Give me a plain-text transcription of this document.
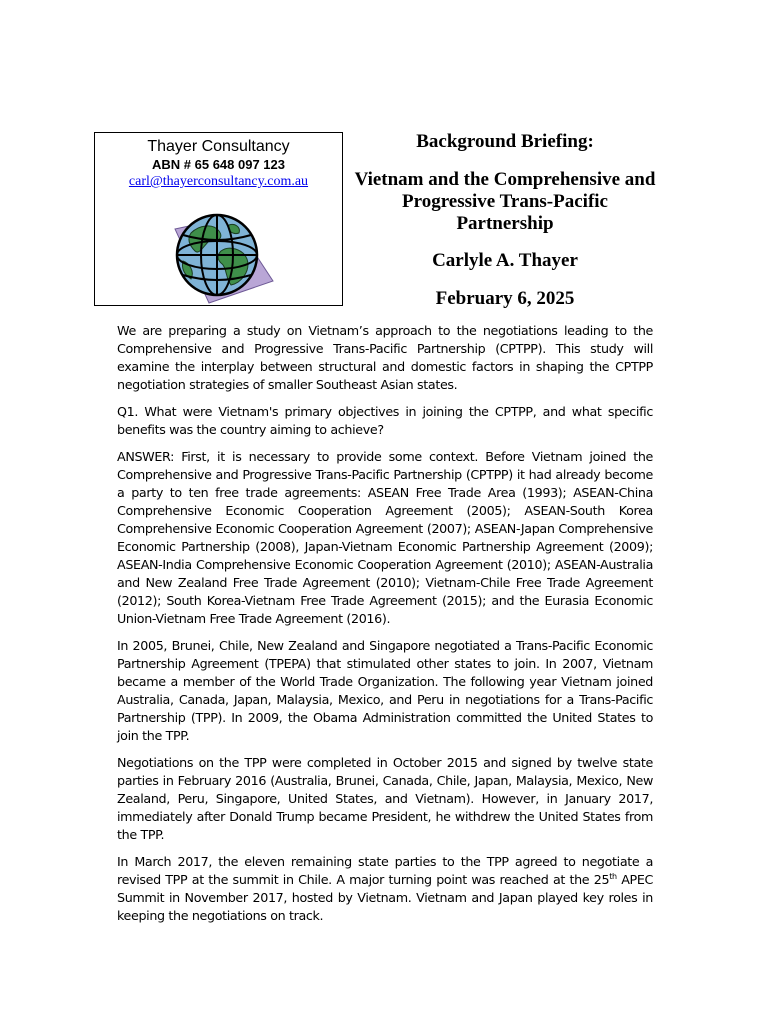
Thayer Consultancy
ABN # 65 648 097 123
carl@thayerconsultancy.com.au
Background Briefing:
Vietnam and the Comprehensive and Progressive Trans-Pacific Partnership
Carlyle A. Thayer
February 6, 2025

We are preparing a study on Vietnam’s approach to the negotiations leading to the Comprehensive and Progressive Trans-Pacific Partnership (CPTPP). This study will examine the interplay between structural and domestic factors in shaping the CPTPP negotiation strategies of smaller Southeast Asian states.

Q1. What were Vietnam's primary objectives in joining the CPTPP, and what specific benefits was the country aiming to achieve?

ANSWER: First, it is necessary to provide some context. Before Vietnam joined the Comprehensive and Progressive Trans-Pacific Partnership (CPTPP) it had already become a party to ten free trade agreements: ASEAN Free Trade Area (1993); ASEAN-China Comprehensive Economic Cooperation Agreement (2005); ASEAN-South Korea Comprehensive Economic Cooperation Agreement (2007); ASEAN-Japan Comprehensive Economic Partnership (2008), Japan-Vietnam Economic Partnership Agreement (2009); ASEAN-India Comprehensive Economic Cooperation Agreement (2010); ASEAN-Australia and New Zealand Free Trade Agreement (2010); Vietnam-Chile Free Trade Agreement (2012); South Korea-Vietnam Free Trade Agreement (2015); and the Eurasia Economic Union-Vietnam Free Trade Agreement (2016).

In 2005, Brunei, Chile, New Zealand and Singapore negotiated a Trans-Pacific Economic Partnership Agreement (TPEPA) that stimulated other states to join. In 2007, Vietnam became a member of the World Trade Organization. The following year Vietnam joined Australia, Canada, Japan, Malaysia, Mexico, and Peru in negotiations for a Trans-Pacific Partnership (TPP). In 2009, the Obama Administration committed the United States to join the TPP.

Negotiations on the TPP were completed in October 2015 and signed by twelve state parties in February 2016 (Australia, Brunei, Canada, Chile, Japan, Malaysia, Mexico, New Zealand, Peru, Singapore, United States, and Vietnam). However, in January 2017, immediately after Donald Trump became President, he withdrew the United States from the TPP.

In March 2017, the eleven remaining state parties to the TPP agreed to negotiate a revised TPP at the summit in Chile. A major turning point was reached at the 25th APEC Summit in November 2017, hosted by Vietnam. Vietnam and Japan played key roles in keeping the negotiations on track.
